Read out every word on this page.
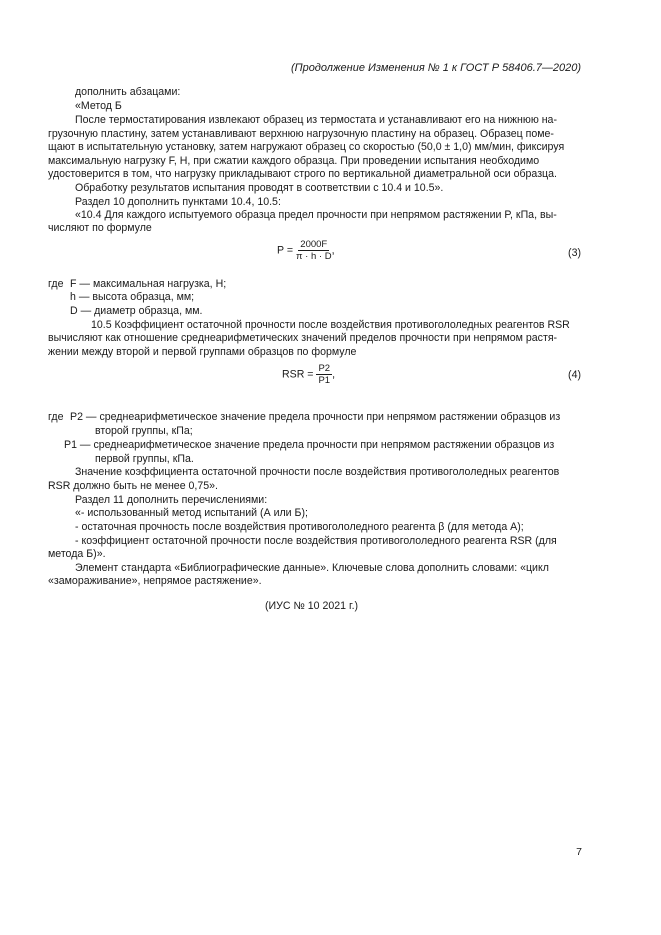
(Продолжение Изменения № 1 к ГОСТ Р 58406.7—2020)
дополнить абзацами:
«Метод Б
После термостатирования извлекают образец из термостата и устанавливают его на нижнюю на-
грузочную пластину, затем устанавливают верхнюю нагрузочную пластину на образец. Образец поме-
щают в испытательную установку, затем нагружают образец со скоростью (50,0 ± 1,0) мм/мин, фиксируя
максимальную нагрузку F, Н, при сжатии каждого образца. При проведении испытания необходимо
удостоверится в том, что нагрузку прикладывают строго по вертикальной диаметральной оси образца.
Обработку результатов испытания проводят в соответствии с 10.4 и 10.5».
Раздел 10 дополнить пунктами 10.4, 10.5:
«10.4 Для каждого испытуемого образца предел прочности при непрямом растяжении P, кПа, вы-
числяют по формуле
$P = \frac{2000F}{\pi \cdot h \cdot D}$ ,	(3)
где F — максимальная нагрузка, Н;
h — высота образца, мм;
D — диаметр образца, мм.
10.5 Коэффициент остаточной прочности после воздействия противогололедных реагентов RSR
вычисляют как отношение среднеарифметических значений пределов прочности при непрямом растя-
жении между второй и первой группами образцов по формуле
RSR = $\frac{P2}{P1}$ ,	(4)
где P2 — среднеарифметическое значение предела прочности при непрямом растяжении образцов из
второй группы, кПа;
P1 — среднеарифметическое значение предела прочности при непрямом растяжении образцов из
первой группы, кПа.
Значение коэффициента остаточной прочности после воздействия противогололедных реагентов
RSR должно быть не менее 0,75».
Раздел 11 дополнить перечислениями:
«- использованный метод испытаний (А или Б);
- остаточная прочность после воздействия противогололедного реагента β (для метода А);
- коэффициент остаточной прочности после воздействия противогололедного реагента RSR (для
метода Б)».
Элемент стандарта «Библиографические данные». Ключевые слова дополнить словами: «цикл
«замораживание», непрямое растяжение».
(ИУС № 10 2021 г.)
7
